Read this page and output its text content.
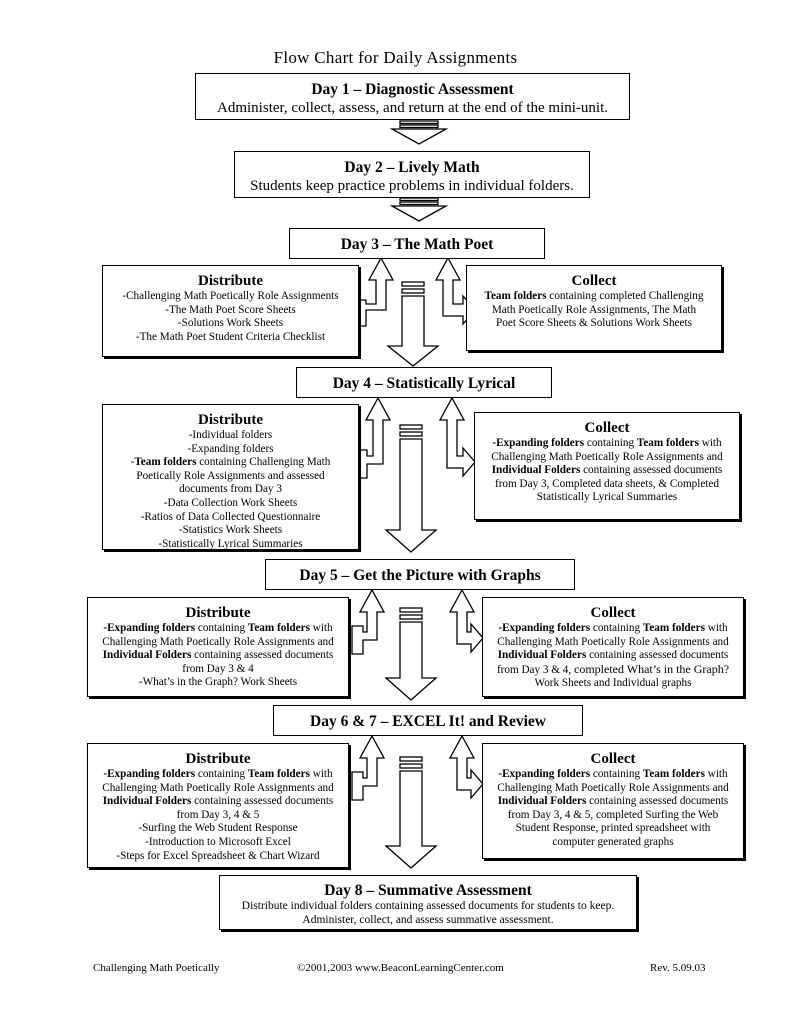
Flow Chart for Daily Assignments
Day 1 – Diagnostic Assessment
Administer, collect, assess, and return at the end of the mini-unit.
Day 2 – Lively Math
Students keep practice problems in individual folders.
Day 3 – The Math Poet
Distribute
-Challenging Math Poetically Role Assignments
-The Math Poet Score Sheets
-Solutions Work Sheets
-The Math Poet Student Criteria Checklist
Collect
Team folders containing completed Challenging
Math Poetically Role Assignments, The Math
Poet Score Sheets & Solutions Work Sheets
Day 4 – Statistically Lyrical
Distribute
-Individual folders
-Expanding folders
-Team folders containing Challenging Math
Poetically Role Assignments and assessed
documents from Day 3
-Data Collection Work Sheets
-Ratios of Data Collected Questionnaire
-Statistics Work Sheets
-Statistically Lyrical Summaries
Collect
-Expanding folders containing Team folders with
Challenging Math Poetically Role Assignments and
Individual Folders containing assessed documents
from Day 3, Completed data sheets, & Completed
Statistically Lyrical Summaries
Day 5 – Get the Picture with Graphs
Distribute
-Expanding folders containing Team folders with
Challenging Math Poetically Role Assignments and
Individual Folders containing assessed documents
from Day 3 & 4
-What’s in the Graph? Work Sheets
Collect
-Expanding folders containing Team folders with
Challenging Math Poetically Role Assignments and
Individual Folders containing assessed documents
from Day 3 & 4, completed What’s in the Graph?
Work Sheets and Individual graphs
Day 6 & 7 – EXCEL It! and Review
Distribute
-Expanding folders containing Team folders with
Challenging Math Poetically Role Assignments and
Individual Folders containing assessed documents
from Day 3, 4 & 5
-Surfing the Web Student Response
-Introduction to Microsoft Excel
-Steps for Excel Spreadsheet & Chart Wizard
Collect
-Expanding folders containing Team folders with
Challenging Math Poetically Role Assignments and
Individual Folders containing assessed documents
from Day 3, 4 & 5, completed Surfing the Web
Student Response, printed spreadsheet with
computer generated graphs
Day 8 – Summative Assessment
Distribute individual folders containing assessed documents for students to keep.
Administer, collect, and assess summative assessment.
Challenging Math Poetically	©2001,2003 www.BeaconLearningCenter.com	Rev. 5.09.03
